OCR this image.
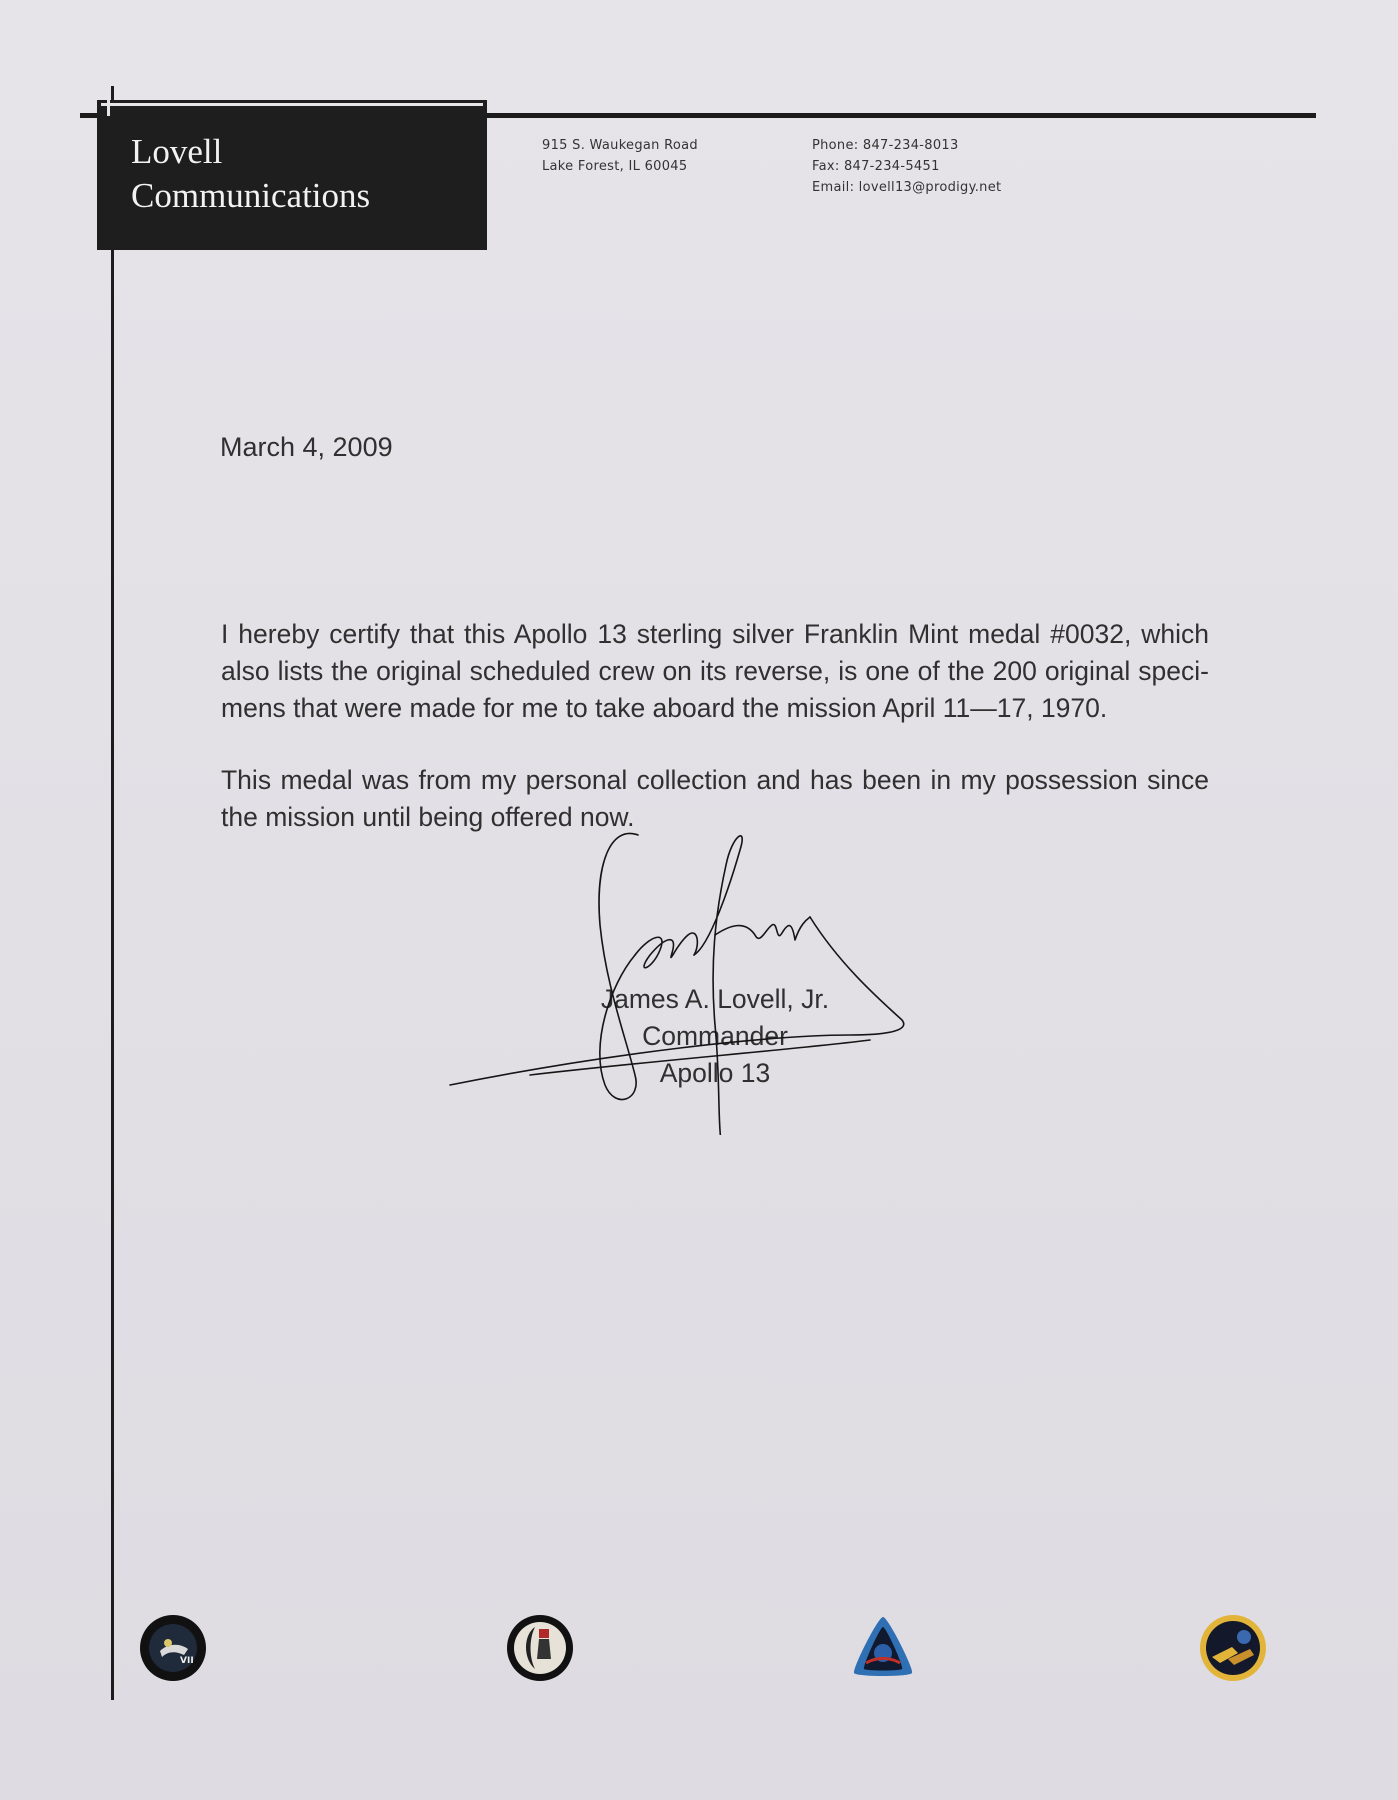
Lovell
Communications
915 S. Waukegan Road
Lake Forest, IL 60045
Phone: 847-234-8013
Fax: 847-234-5451
Email: lovell13@prodigy.net
March 4, 2009
I hereby certify that this Apollo 13 sterling silver Franklin Mint medal #0032, which also lists the original scheduled crew on its reverse, is one of the 200 original speci-mens that were made for me to take aboard the mission April 11—17, 1970.
This medal was from my personal collection and has been in my possession since the mission until being offered now.
James A. Lovell, Jr.
Commander
Apollo 13
VII
